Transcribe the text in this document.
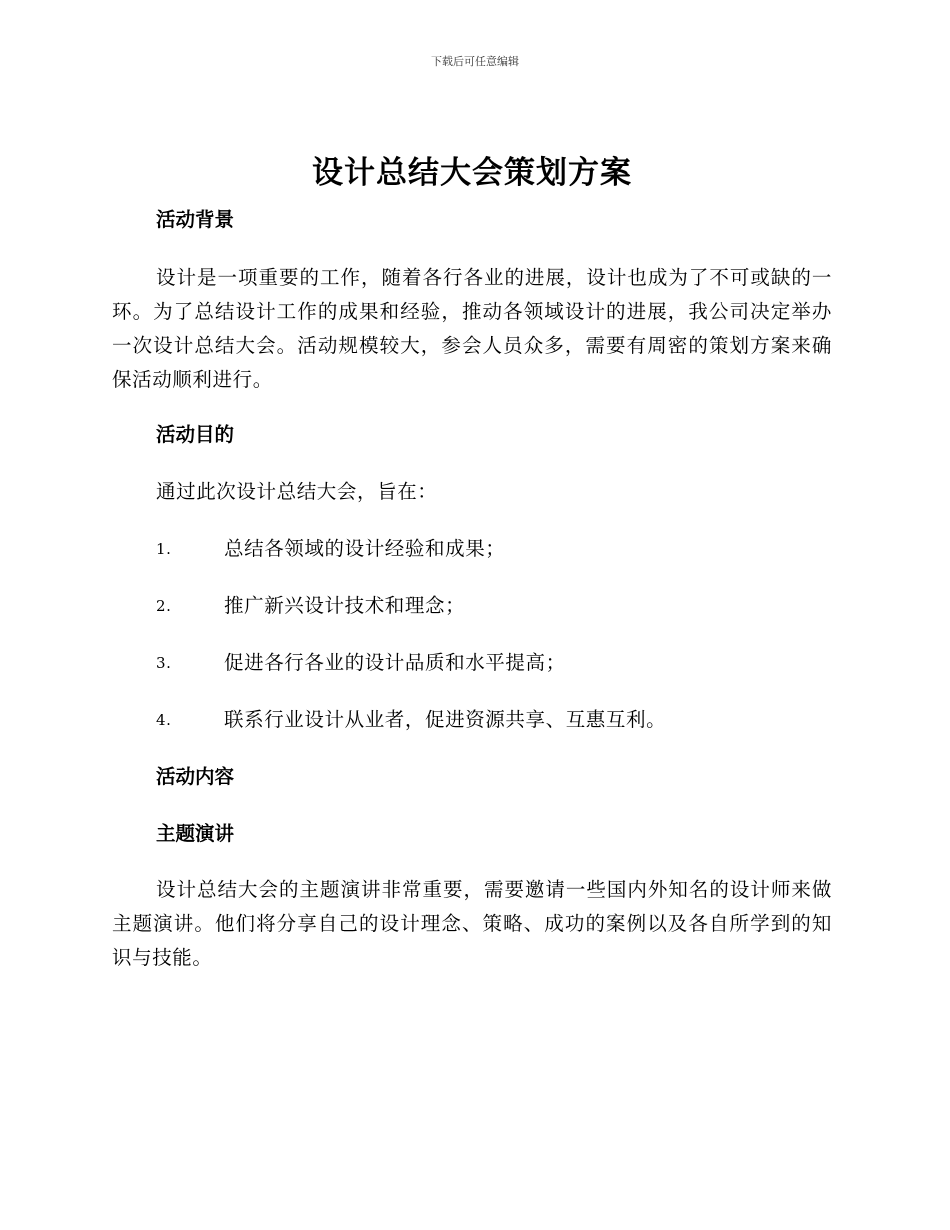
下载后可任意编辑
设计总结大会策划方案
活动背景

设计是一项重要的工作，随着各行各业的进展，设计也成为了不可或缺的一环。为了总结设计工作的成果和经验，推动各领域设计的进展，我公司决定举办一次设计总结大会。活动规模较大，参会人员众多，需要有周密的策划方案来确保活动顺利进行。

活动目的

通过此次设计总结大会，旨在：

1.	总结各领域的设计经验和成果；
2.	推广新兴设计技术和理念；
3.	促进各行各业的设计品质和水平提高；
4.	联系行业设计从业者，促进资源共享、互惠互利。
活动内容
主题演讲

设计总结大会的主题演讲非常重要，需要邀请一些国内外知名的设计师来做主题演讲。他们将分享自己的设计理念、策略、成功的案例以及各自所学到的知识与技能。
